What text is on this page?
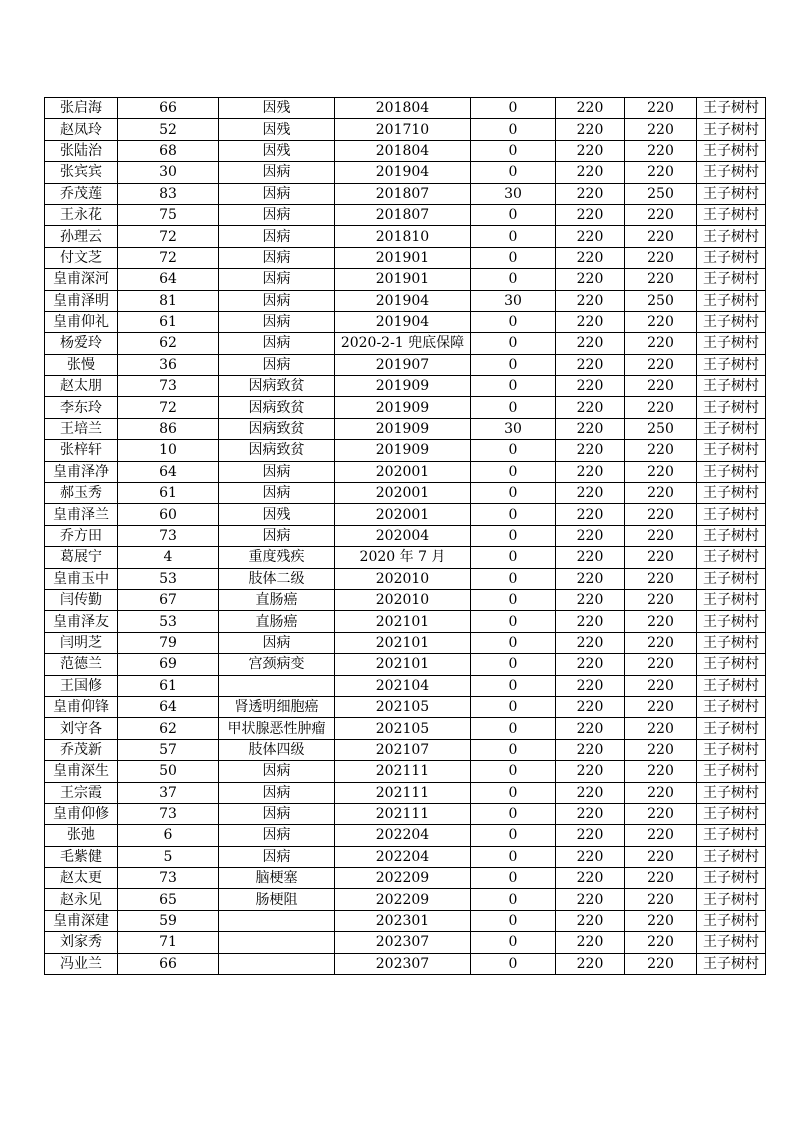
张启海	66	因残	201804	0	220	220	王子树村
赵凤玲	52	因残	201710	0	220	220	王子树村
张陆治	68	因残	201804	0	220	220	王子树村
张宾宾	30	因病	201904	0	220	220	王子树村
乔茂莲	83	因病	201807	30	220	250	王子树村
王永花	75	因病	201807	0	220	220	王子树村
孙理云	72	因病	201810	0	220	220	王子树村
付文芝	72	因病	201901	0	220	220	王子树村
皇甫深河	64	因病	201901	0	220	220	王子树村
皇甫泽明	81	因病	201904	30	220	250	王子树村
皇甫仰礼	61	因病	201904	0	220	220	王子树村
杨爱玲	62	因病	2020-2-1 兜底保障	0	220	220	王子树村
张慢	36	因病	201907	0	220	220	王子树村
赵太朋	73	因病致贫	201909	0	220	220	王子树村
李东玲	72	因病致贫	201909	0	220	220	王子树村
王培兰	86	因病致贫	201909	30	220	250	王子树村
张梓轩	10	因病致贫	201909	0	220	220	王子树村
皇甫泽净	64	因病	202001	0	220	220	王子树村
郝玉秀	61	因病	202001	0	220	220	王子树村
皇甫泽兰	60	因残	202001	0	220	220	王子树村
乔方田	73	因病	202004	0	220	220	王子树村
葛展宁	4	重度残疾	2020 年 7 月	0	220	220	王子树村
皇甫玉中	53	肢体二级	202010	0	220	220	王子树村
闫传勤	67	直肠癌	202010	0	220	220	王子树村
皇甫泽友	53	直肠癌	202101	0	220	220	王子树村
闫明芝	79	因病	202101	0	220	220	王子树村
范德兰	69	宫颈病变	202101	0	220	220	王子树村
王国修	61		202104	0	220	220	王子树村
皇甫仰锋	64	肾透明细胞癌	202105	0	220	220	王子树村
刘守各	62	甲状腺恶性肿瘤	202105	0	220	220	王子树村
乔茂新	57	肢体四级	202107	0	220	220	王子树村
皇甫深生	50	因病	202111	0	220	220	王子树村
王宗霞	37	因病	202111	0	220	220	王子树村
皇甫仰修	73	因病	202111	0	220	220	王子树村
张弛	6	因病	202204	0	220	220	王子树村
毛紫健	5	因病	202204	0	220	220	王子树村
赵太更	73	脑梗塞	202209	0	220	220	王子树村
赵永见	65	肠梗阻	202209	0	220	220	王子树村
皇甫深建	59		202301	0	220	220	王子树村
刘家秀	71		202307	0	220	220	王子树村
冯业兰	66		202307	0	220	220	王子树村
